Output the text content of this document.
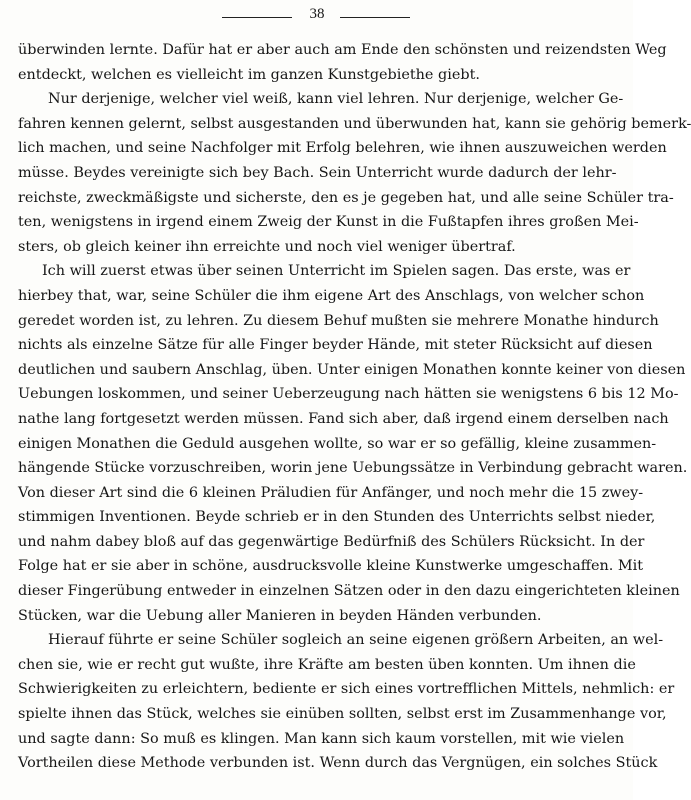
38
überwinden lernte. Dafür hat er aber auch am Ende den schönsten und reizendsten Weg
entdeckt, welchen es vielleicht im ganzen Kunstgebiethe giebt.
Nur derjenige, welcher viel weiß, kann viel lehren. Nur derjenige, welcher Ge-
fahren kennen gelernt, selbst ausgestanden und überwunden hat, kann sie gehörig bemerk-
lich machen, und seine Nachfolger mit Erfolg belehren, wie ihnen auszuweichen werden
müsse. Beydes vereinigte sich bey Bach. Sein Unterricht wurde dadurch der lehr-
reichste, zweckmäßigste und sicherste, den es je gegeben hat, und alle seine Schüler tra-
ten, wenigstens in irgend einem Zweig der Kunst in die Fußtapfen ihres großen Mei-
sters, ob gleich keiner ihn erreichte und noch viel weniger übertraf.
Ich will zuerst etwas über seinen Unterricht im Spielen sagen. Das erste, was er
hierbey that, war, seine Schüler die ihm eigene Art des Anschlags, von welcher schon
geredet worden ist, zu lehren. Zu diesem Behuf mußten sie mehrere Monathe hindurch
nichts als einzelne Sätze für alle Finger beyder Hände, mit steter Rücksicht auf diesen
deutlichen und saubern Anschlag, üben. Unter einigen Monathen konnte keiner von diesen
Uebungen loskommen, und seiner Ueberzeugung nach hätten sie wenigstens 6 bis 12 Mo-
nathe lang fortgesetzt werden müssen. Fand sich aber, daß irgend einem derselben nach
einigen Monathen die Geduld ausgehen wollte, so war er so gefällig, kleine zusammen-
hängende Stücke vorzuschreiben, worin jene Uebungssätze in Verbindung gebracht waren.
Von dieser Art sind die 6 kleinen Präludien für Anfänger, und noch mehr die 15 zwey-
stimmigen Inventionen. Beyde schrieb er in den Stunden des Unterrichts selbst nieder,
und nahm dabey bloß auf das gegenwärtige Bedürfniß des Schülers Rücksicht. In der
Folge hat er sie aber in schöne, ausdrucksvolle kleine Kunstwerke umgeschaffen. Mit
dieser Fingerübung entweder in einzelnen Sätzen oder in den dazu eingerichteten kleinen
Stücken, war die Uebung aller Manieren in beyden Händen verbunden.
Hierauf führte er seine Schüler sogleich an seine eigenen größern Arbeiten, an wel-
chen sie, wie er recht gut wußte, ihre Kräfte am besten üben konnten. Um ihnen die
Schwierigkeiten zu erleichtern, bediente er sich eines vortrefflichen Mittels, nehmlich: er
spielte ihnen das Stück, welches sie einüben sollten, selbst erst im Zusammenhange vor,
und sagte dann: So muß es klingen. Man kann sich kaum vorstellen, mit wie vielen
Vortheilen diese Methode verbunden ist. Wenn durch das Vergnügen, ein solches Stück
